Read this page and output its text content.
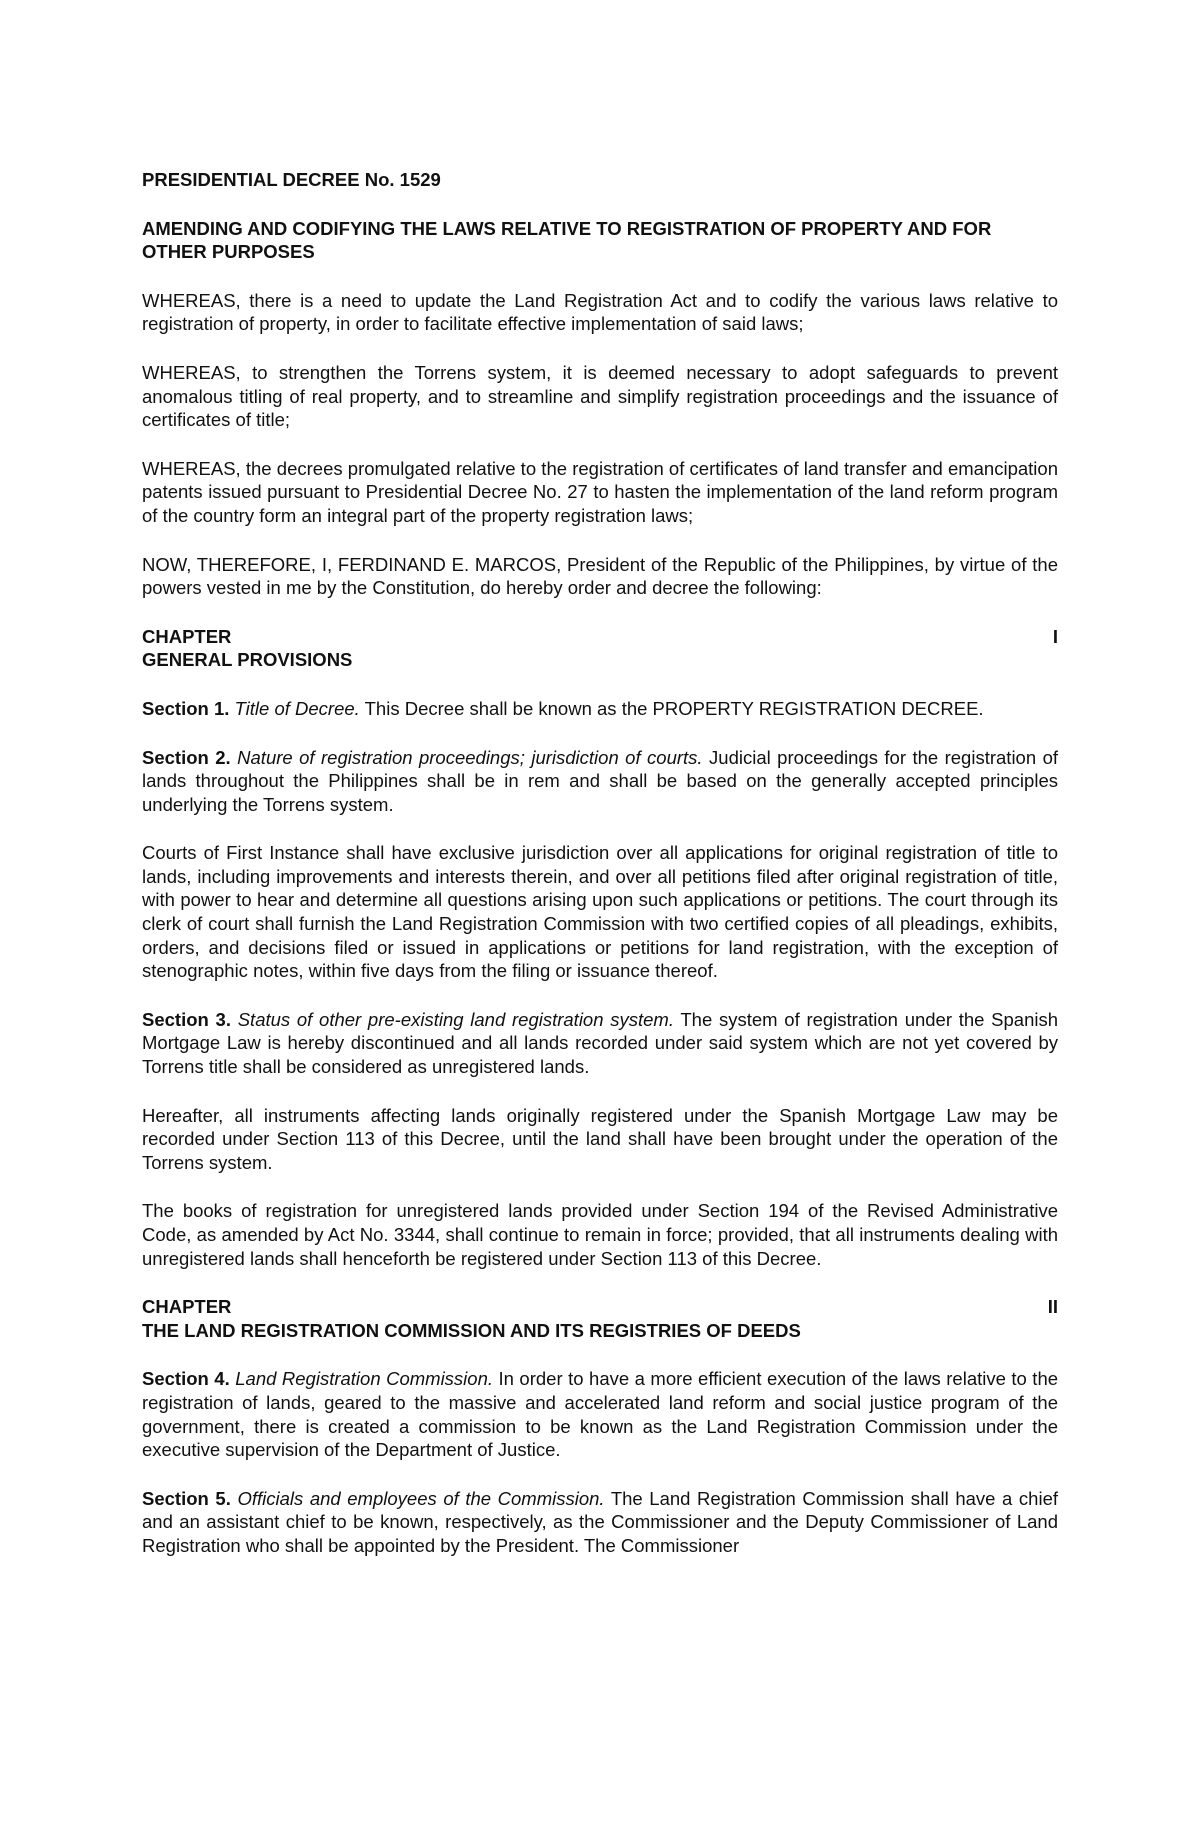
PRESIDENTIAL DECREE No. 1529

AMENDING AND CODIFYING THE LAWS RELATIVE TO REGISTRATION OF PROPERTY AND FOR OTHER PURPOSES

WHEREAS, there is a need to update the Land Registration Act and to codify the various laws relative to registration of property, in order to facilitate effective implementation of said laws;

WHEREAS, to strengthen the Torrens system, it is deemed necessary to adopt safeguards to prevent anomalous titling of real property, and to streamline and simplify registration proceedings and the issuance of certificates of title;

WHEREAS, the decrees promulgated relative to the registration of certificates of land transfer and emancipation patents issued pursuant to Presidential Decree No. 27 to hasten the implementation of the land reform program of the country form an integral part of the property registration laws;

NOW, THEREFORE, I, FERDINAND E. MARCOS, President of the Republic of the Philippines, by virtue of the powers vested in me by the Constitution, do hereby order and decree the following:

CHAPTER	I
GENERAL PROVISIONS

Section 1. Title of Decree. This Decree shall be known as the PROPERTY REGISTRATION DECREE.

Section 2. Nature of registration proceedings; jurisdiction of courts. Judicial proceedings for the registration of lands throughout the Philippines shall be in rem and shall be based on the generally accepted principles underlying the Torrens system.

Courts of First Instance shall have exclusive jurisdiction over all applications for original registration of title to lands, including improvements and interests therein, and over all petitions filed after original registration of title, with power to hear and determine all questions arising upon such applications or petitions. The court through its clerk of court shall furnish the Land Registration Commission with two certified copies of all pleadings, exhibits, orders, and decisions filed or issued in applications or petitions for land registration, with the exception of stenographic notes, within five days from the filing or issuance thereof.

Section 3. Status of other pre-existing land registration system. The system of registration under the Spanish Mortgage Law is hereby discontinued and all lands recorded under said system which are not yet covered by Torrens title shall be considered as unregistered lands.

Hereafter, all instruments affecting lands originally registered under the Spanish Mortgage Law may be recorded under Section 113 of this Decree, until the land shall have been brought under the operation of the Torrens system.

The books of registration for unregistered lands provided under Section 194 of the Revised Administrative Code, as amended by Act No. 3344, shall continue to remain in force; provided, that all instruments dealing with unregistered lands shall henceforth be registered under Section 113 of this Decree.

CHAPTER	II
THE LAND REGISTRATION COMMISSION AND ITS REGISTRIES OF DEEDS

Section 4. Land Registration Commission. In order to have a more efficient execution of the laws relative to the registration of lands, geared to the massive and accelerated land reform and social justice program of the government, there is created a commission to be known as the Land Registration Commission under the executive supervision of the Department of Justice.

Section 5. Officials and employees of the Commission. The Land Registration Commission shall have a chief and an assistant chief to be known, respectively, as the Commissioner and the Deputy Commissioner of Land Registration who shall be appointed by the President. The Commissioner
